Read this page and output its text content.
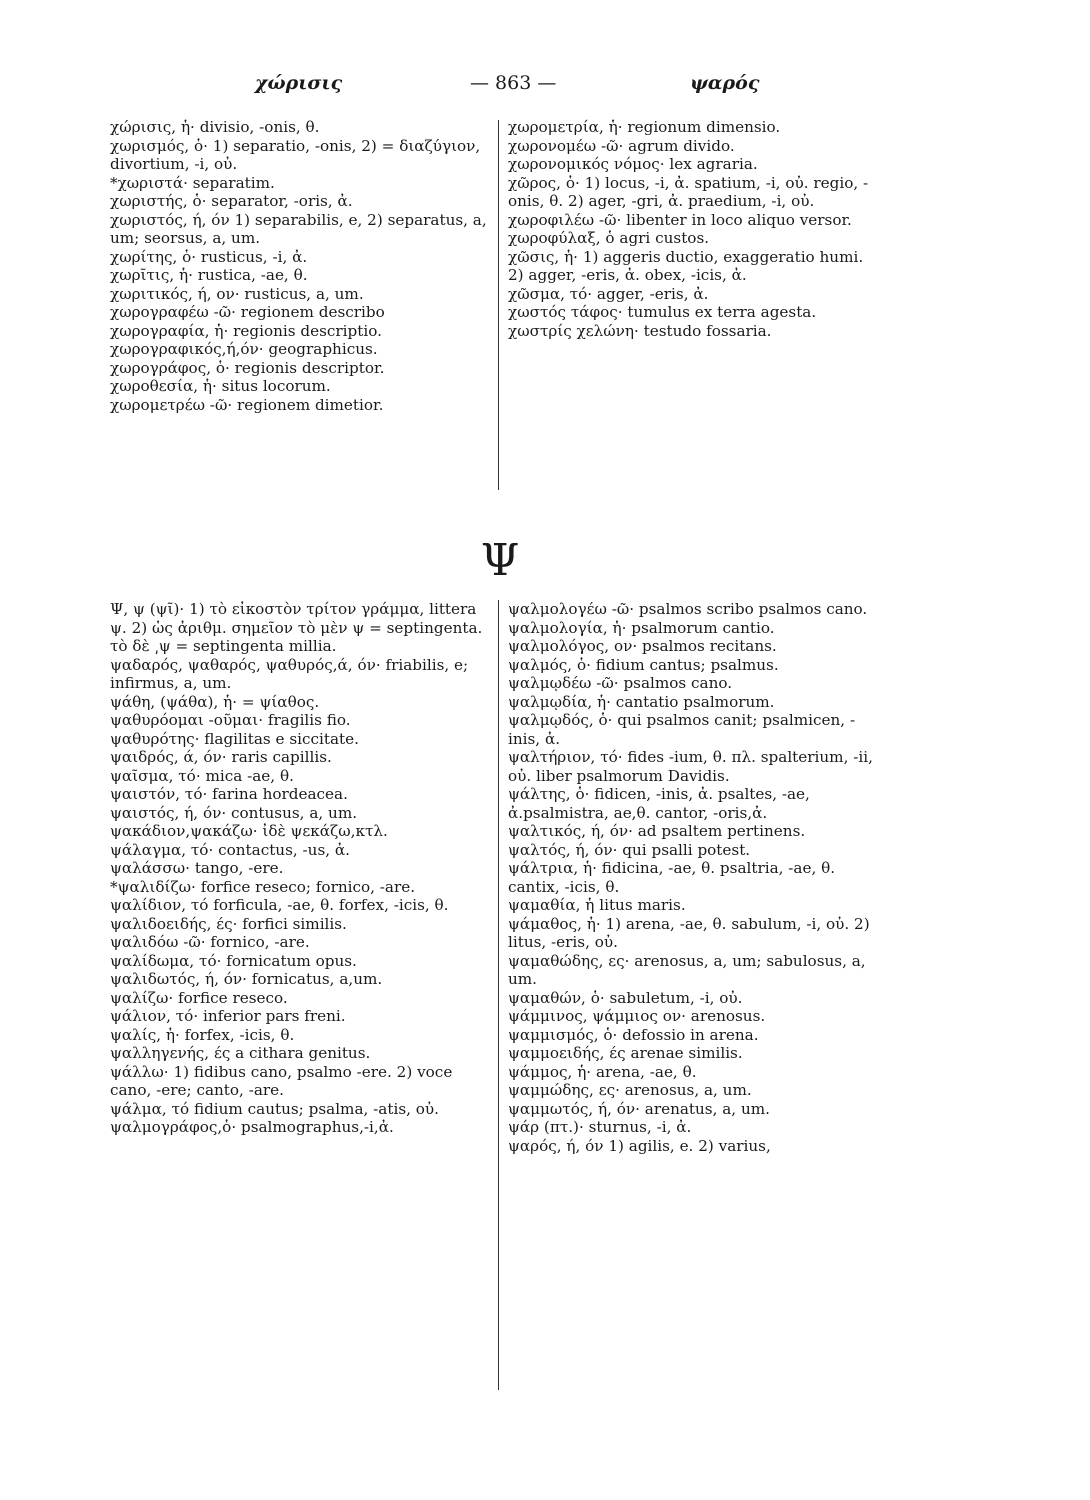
χώρισις	— 863 —	ψαρός

χώρισις, ἡ· divisio, -onis, θ.

χωρισμός, ὁ· 1) separatio, -onis, 2) = διαζύγιον, divortium, -i, οὐ.

*χωριστά· separatim.

χωριστής, ὁ· separator, -oris, ἀ.

χωριστός, ή, όν 1) separabilis, e, 2) separatus, a, um; seorsus, a, um.

χωρίτης, ὁ· rusticus, -i, ἀ.

χωρῖτις, ἡ· rustica, -ae, θ.

χωριτικός, ή, ον· rusticus, a, um.

χωρογραφέω -ῶ· regionem describo

χωρογραφία, ἡ· regionis descriptio.

χωρογραφικός,ή,όν· geographicus.

χωρογράφος, ὁ· regionis descriptor.

χωροθεσία, ἡ· situs locorum.

χωρομετρέω -ῶ· regionem dimetior.

χωρομετρία, ἡ· regionum dimensio.

χωρονομέω -ῶ· agrum divido.

χωρονομικός νόμος· lex agraria.

χῶρος, ὁ· 1) locus, -i, ἀ. spatium, -i, οὐ. regio, -onis, θ. 2) ager, -gri, ἀ. praedium, -i, οὐ.

χωροφιλέω -ῶ· libenter in loco aliquo versor.

χωροφύλαξ, ὁ agri custos.

χῶσις, ἡ· 1) aggeris ductio, exaggeratio humi. 2) agger, -eris, ἀ. obex, -icis, ἀ.

χῶσμα, τό· agger, -eris, ἀ.

χωστός τάφος· tumulus ex terra agesta.

χωστρίς χελώνη· testudo fossaria.

Ψ

Ψ, ψ (ψῖ)· 1) τὸ εἰκοστὸν τρίτον γράμμα, littera ψ. 2) ὡς ἀριθμ. σημεῖον τὸ μὲν ψ = septingenta. τὸ δὲ ͵ψ = septingenta millia.

ψαδαρός, ψαθαρός, ψαθυρός,ά, όν· friabilis, e; infirmus, a, um.

ψάθη, (ψάθα), ἡ· = ψίαθος.

ψαθυρόομαι -οῦμαι· fragilis fio.

ψαθυρότης· flagilitas e siccitate.

ψαιδρός, ά, όν· raris capillis.

ψαῖσμα, τό· mica -ae, θ.

ψαιστόν, τό· farina hordeacea.

ψαιστός, ή, όν· contusus, a, um.

ψακάδιον,ψακάζω· ἰδὲ ψεκάζω,κτλ.

ψάλαγμα, τό· contactus, -us, ἀ.

ψαλάσσω· tango, -ere.

*ψαλιδίζω· forfice reseco; fornico, -are.

ψαλίδιον, τό forficula, -ae, θ. forfex, -icis, θ.

ψαλιδοειδής, ές· forfici similis.

ψαλιδόω -ῶ· fornico, -are.

ψαλίδωμα, τό· fornicatum opus.

ψαλιδωτός, ή, όν· fornicatus, a,um.

ψαλίζω· forfice reseco.

ψάλιον, τό· inferior pars freni.

ψαλίς, ἡ· forfex, -icis, θ.

ψαλληγενής, ές a cithara genitus.

ψάλλω· 1) fidibus cano, psalmo -ere. 2) voce cano, -ere; canto, -are.

ψάλμα, τό fidium cautus; psalma, -atis, οὐ.

ψαλμογράφος,ὁ· psalmographus,-i,ἀ.

ψαλμολογέω -ῶ· psalmos scribo psalmos cano.

ψαλμολογία, ἡ· psalmorum cantio.

ψαλμολόγος, ον· psalmos recitans.

ψαλμός, ὁ· fidium cantus; psalmus.

ψαλμῳδέω -ῶ· psalmos cano.

ψαλμῳδία, ἡ· cantatio psalmorum.

ψαλμῳδός, ὁ· qui psalmos canit; psalmicen, -inis, ἀ.

ψαλτήριον, τό· fides -ium, θ. πλ. spalterium, -ii, οὐ. liber psalmorum Davidis.

ψάλτης, ὁ· fidicen, -inis, ἀ. psaltes, -ae, ἀ.psalmistra, ae,θ. cantor, -oris,ἀ.

ψαλτικός, ή, όν· ad psaltem pertinens.

ψαλτός, ή, όν· qui psalli potest.

ψάλτρια, ἡ· fidicina, -ae, θ. psaltria, -ae, θ. cantix, -icis, θ.

ψαμαθία, ἡ litus maris.

ψάμαθος, ἡ· 1) arena, -ae, θ. sabulum, -i, οὐ. 2) litus, -eris, οὐ.

ψαμαθώδης, ες· arenosus, a, um; sabulosus, a, um.

ψαμαθών, ὁ· sabuletum, -i, οὐ.

ψάμμινος, ψάμμιος ον· arenosus.

ψαμμισμός, ὁ· defossio in arena.

ψαμμοειδής, ές arenae similis.

ψάμμος, ἡ· arena, -ae, θ.

ψαμμώδης, ες· arenosus, a, um.

ψαμμωτός, ή, όν· arenatus, a, um.

ψάρ (πτ.)· sturnus, -i, ἀ.

ψαρός, ή, όν 1) agilis, e. 2) varius,
